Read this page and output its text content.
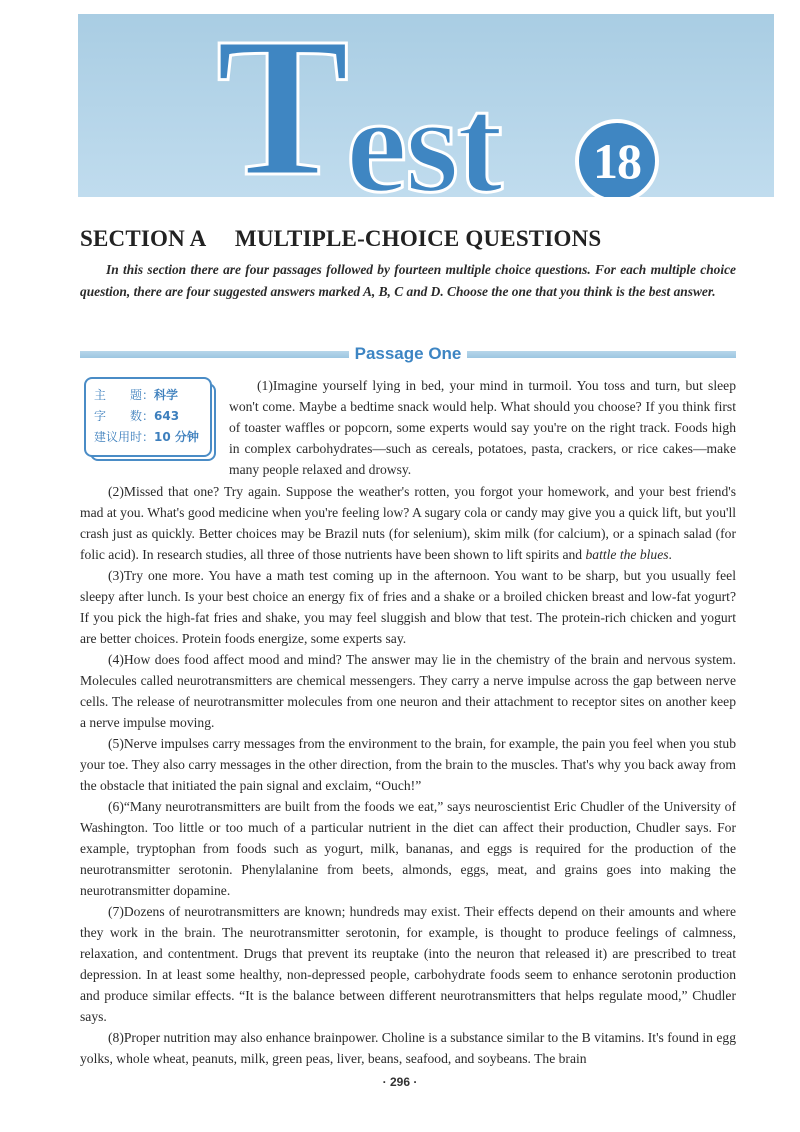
T est 18
SECTION A     MULTIPLE-CHOICE QUESTIONS
In this section there are four passages followed by fourteen multiple choice questions. For each multiple choice question, there are four suggested answers marked A, B, C and D. Choose the one that you think is the best answer.
Passage One
主　　题：科学
字　　数：643
建议用时：10 分钟
(1)Imagine yourself lying in bed, your mind in turmoil. You toss and turn, but sleep won't come. Maybe a bedtime snack would help. What should you choose? If you think first of toaster waffles or popcorn, some experts would say you're on the right track. Foods high in complex carbohydrates—such as cereals, potatoes, pasta, crackers, or rice cakes—make many people relaxed and drowsy.

(2)Missed that one? Try again. Suppose the weather's rotten, you forgot your homework, and your best friend's mad at you. What's good medicine when you're feeling low? A sugary cola or candy may give you a quick lift, but you'll crash just as quickly. Better choices may be Brazil nuts (for selenium), skim milk (for calcium), or a spinach salad (for folic acid). In research studies, all three of those nutrients have been shown to lift spirits and battle the blues.

(3)Try one more. You have a math test coming up in the afternoon. You want to be sharp, but you usually feel sleepy after lunch. Is your best choice an energy fix of fries and a shake or a broiled chicken breast and low-fat yogurt? If you pick the high-fat fries and shake, you may feel sluggish and blow that test. The protein-rich chicken and yogurt are better choices. Protein foods energize, some experts say.

(4)How does food affect mood and mind? The answer may lie in the chemistry of the brain and nervous system. Molecules called neurotransmitters are chemical messengers. They carry a nerve impulse across the gap between nerve cells. The release of neurotransmitter molecules from one neuron and their attachment to receptor sites on another keep a nerve impulse moving.

(5)Nerve impulses carry messages from the environment to the brain, for example, the pain you feel when you stub your toe. They also carry messages in the other direction, from the brain to the muscles. That's why you back away from the obstacle that initiated the pain signal and exclaim, “Ouch!”

(6)“Many neurotransmitters are built from the foods we eat,” says neuroscientist Eric Chudler of the University of Washington. Too little or too much of a particular nutrient in the diet can affect their production, Chudler says. For example, tryptophan from foods such as yogurt, milk, bananas, and eggs is required for the production of the neurotransmitter serotonin. Phenylalanine from beets, almonds, eggs, meat, and grains goes into making the neurotransmitter dopamine.

(7)Dozens of neurotransmitters are known; hundreds may exist. Their effects depend on their amounts and where they work in the brain. The neurotransmitter serotonin, for example, is thought to produce feelings of calmness, relaxation, and contentment. Drugs that prevent its reuptake (into the neuron that released it) are prescribed to treat depression. In at least some healthy, non-depressed people, carbohydrate foods seem to enhance serotonin production and produce similar effects. “It is the balance between different neurotransmitters that helps regulate mood,” Chudler says.

(8)Proper nutrition may also enhance brainpower. Choline is a substance similar to the B vitamins. It's found in egg yolks, whole wheat, peanuts, milk, green peas, liver, beans, seafood, and soybeans. The brain

· 296 ·
